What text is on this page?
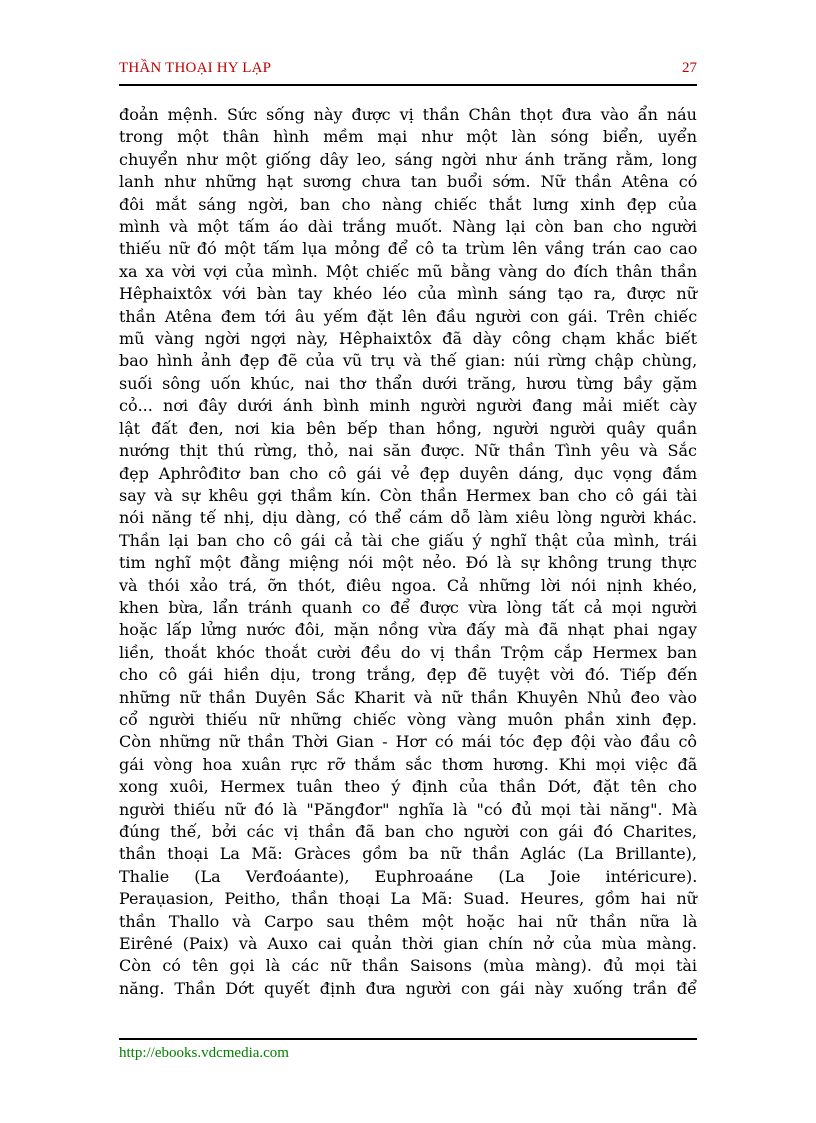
THẦN THOẠI HY LẠP	27
đoản mệnh. Sức sống này được vị thần Chân thọt đưa vào ẩn náu
trong một thân hình mềm mại như một làn sóng biển, uyển
chuyển như một giống dây leo, sáng ngời như ánh trăng rằm, long
lanh như những hạt sương chưa tan buổi sớm. Nữ thần Atêna có
đôi mắt sáng ngời, ban cho nàng chiếc thắt lưng xinh đẹp của
mình và một tấm áo dài trắng muốt. Nàng lại còn ban cho người
thiếu nữ đó một tấm lụa mỏng để cô ta trùm lên vầng trán cao cao
xa xa vời vợi của mình. Một chiếc mũ bằng vàng do đích thân thần
Hêphaixtôx với bàn tay khéo léo của mình sáng tạo ra, được nữ
thần Atêna đem tới âu yếm đặt lên đầu người con gái. Trên chiếc
mũ vàng ngời ngợi này, Hêphaixtôx đã dày công chạm khắc biết
bao hình ảnh đẹp đẽ của vũ trụ và thế gian: núi rừng chập chùng,
suối sông uốn khúc, nai thơ thẩn dưới trăng, hươu từng bầy gặm
cỏ... nơi đây dưới ánh bình minh người người đang mải miết cày
lật đất đen, nơi kia bên bếp than hồng, người người quây quần
nướng thịt thú rừng, thỏ, nai săn được. Nữ thần Tình yêu và Sắc
đẹp Aphrôđitơ ban cho cô gái vẻ đẹp duyên dáng, dục vọng đắm
say và sự khêu gợi thầm kín. Còn thần Hermex ban cho cô gái tài
nói năng tế nhị, dịu dàng, có thể cám dỗ làm xiêu lòng người khác.
Thần lại ban cho cô gái cả tài che giấu ý nghĩ thật của mình, trái
tim nghĩ một đằng miệng nói một nẻo. Đó là sự không trung thực
và thói xảo trá, ỡn thót, điêu ngoa. Cả những lời nói nịnh khéo,
khen bừa, lẩn tránh quanh co để được vừa lòng tất cả mọi người
hoặc lấp lửng nước đôi, mặn nồng vừa đấy mà đã nhạt phai ngay
liền, thoắt khóc thoắt cười đều do vị thần Trộm cắp Hermex ban
cho cô gái hiền dịu, trong trắng, đẹp đẽ tuyệt vời đó. Tiếp đến
những nữ thần Duyên Sắc Kharit và nữ thần Khuyên Nhủ đeo vào
cổ người thiếu nữ những chiếc vòng vàng muôn phần xinh đẹp.
Còn những nữ thần Thời Gian - Hơr có mái tóc đẹp đội vào đầu cô
gái vòng hoa xuân rực rỡ thắm sắc thơm hương. Khi mọi việc đã
xong xuôi, Hermex tuân theo ý định của thần Dớt, đặt tên cho
người thiếu nữ đó là "Păngđor" nghĩa là "có đủ mọi tài năng". Mà
đúng thế, bởi các vị thần đã ban cho người con gái đó Charites,
thần thoại La Mã: Gràces gồm ba nữ thần Aglác (La Brillante),
Thalie (La Verđoáante), Euphroaáne (La Joie intéricure).
Peraụasion, Peitho, thần thoại La Mã: Suad. Heures, gồm hai nữ
thần Thallo và Carpo sau thêm một hoặc hai nữ thần nữa là
Eirêné (Paix) và Auxo cai quản thời gian chín nở của mùa màng.
Còn có tên gọi là các nữ thần Saisons (mùa màng). đủ mọi tài
năng. Thần Dớt quyết định đưa người con gái này xuống trần để
http://ebooks.vdcmedia.com
